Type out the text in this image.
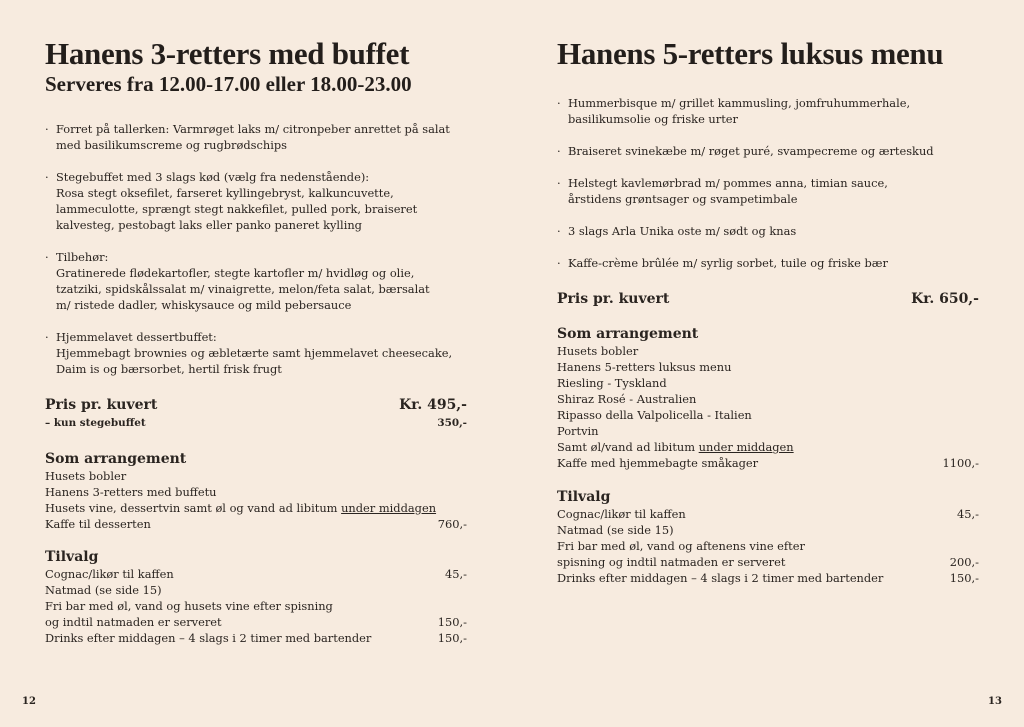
Hanens 3-retters med buffet
Serveres fra 12.00-17.00 eller 18.00-23.00
· Forret på tallerken: Varmrøget laks m/ citronpeber anrettet på salat
med basilikumscreme og rugbrødschips
· Stegebuffet med 3 slags kød (vælg fra nedenstående):
Rosa stegt oksefilet, farseret kyllingebryst, kalkuncuvette,
lammeculotte, sprængt stegt nakkefilet, pulled pork, braiseret
kalvesteg, pestobagt laks eller panko paneret kylling
· Tilbehør:
Gratinerede flødekartofler, stegte kartofler m/ hvidløg og olie,
tzatziki, spidskålssalat m/ vinaigrette, melon/feta salat, bærsalat
m/ ristede dadler, whiskysauce og mild pebersauce
· Hjemmelavet dessertbuffet:
Hjemmebagt brownies og æbletærte samt hjemmelavet cheesecake,
Daim is og bærsorbet, hertil frisk frugt
Pris pr. kuvert	Kr. 495,-
– kun stegebuffet	350,-
Som arrangement
Husets bobler
Hanens 3-retters med buffetu
Husets vine, dessertvin samt øl og vand ad libitum under middagen
Kaffe til desserten	760,-
Tilvalg
Cognac/likør til kaffen	45,-
Natmad (se side 15)
Fri bar med øl, vand og husets vine efter spisning
og indtil natmaden er serveret	150,-
Drinks efter middagen – 4 slags i 2 timer med bartender	150,-
12
Hanens 5-retters luksus menu
· Hummerbisque m/ grillet kammusling, jomfruhummerhale,
basilikumsolie og friske urter
· Braiseret svinekæbe m/ røget puré, svampecreme og ærteskud
· Helstegt kavlemørbrad m/ pommes anna, timian sauce,
årstidens grøntsager og svampetimbale
· 3 slags Arla Unika oste m/ sødt og knas
· Kaffe-crème brûlée m/ syrlig sorbet, tuile og friske bær
Pris pr. kuvert	Kr. 650,-
Som arrangement
Husets bobler
Hanens 5-retters luksus menu
Riesling - Tyskland
Shiraz Rosé - Australien
Ripasso della Valpolicella - Italien
Portvin
Samt øl/vand ad libitum under middagen
Kaffe med hjemmebagte småkager	1100,-
Tilvalg
Cognac/likør til kaffen	45,-
Natmad (se side 15)
Fri bar med øl, vand og aftenens vine efter
spisning og indtil natmaden er serveret	200,-
Drinks efter middagen – 4 slags i 2 timer med bartender	150,-
13
